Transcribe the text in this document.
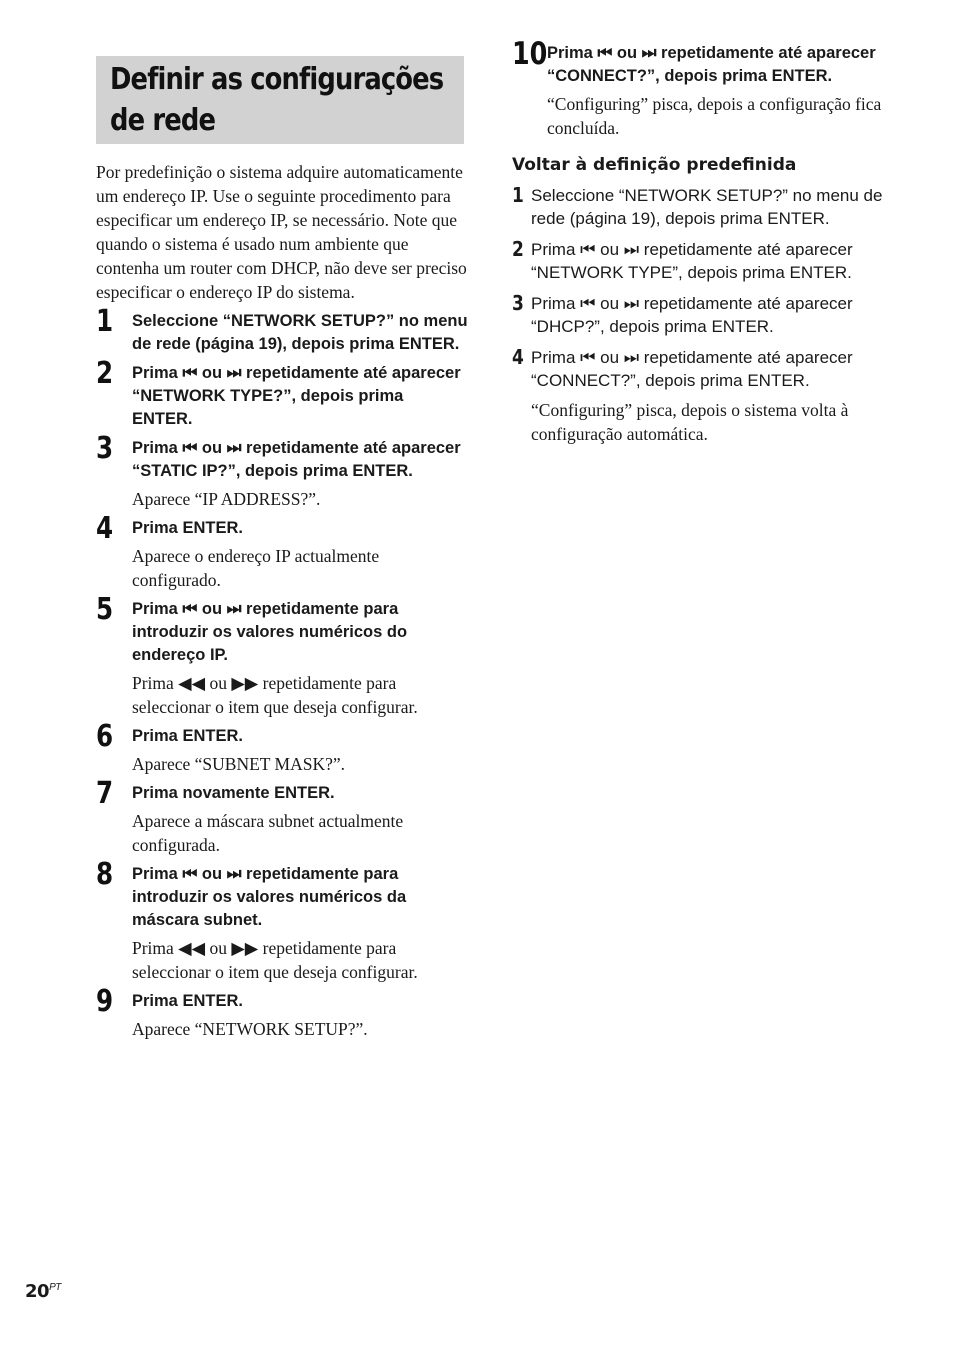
Definir as configurações
de rede

Por predefinição o sistema adquire automaticamente um endereço IP. Use o seguinte procedimento para especificar um endereço IP, se necessário. Note que quando o sistema é usado num ambiente que contenha um router com DHCP, não deve ser preciso especificar o endereço IP do sistema.

1 Seleccione “NETWORK SETUP?” no menu de rede (página 19), depois prima ENTER.

2 Prima ⏮ ou ⏭ repetidamente até aparecer “NETWORK TYPE?”, depois prima ENTER.

3 Prima ⏮ ou ⏭ repetidamente até aparecer “STATIC IP?”, depois prima ENTER.

Aparece “IP ADDRESS?”.

4 Prima ENTER.

Aparece o endereço IP actualmente configurado.

5 Prima ⏮ ou ⏭ repetidamente para introduzir os valores numéricos do endereço IP.

Prima ◀◀ ou ▶▶ repetidamente para seleccionar o item que deseja configurar.

6 Prima ENTER.

Aparece “SUBNET MASK?”.

7 Prima novamente ENTER.

Aparece a máscara subnet actualmente configurada.

8 Prima ⏮ ou ⏭ repetidamente para introduzir os valores numéricos da máscara subnet.

Prima ◀◀ ou ▶▶ repetidamente para seleccionar o item que deseja configurar.

9 Prima ENTER.

Aparece “NETWORK SETUP?”.

10 Prima ⏮ ou ⏭ repetidamente até aparecer “CONNECT?”, depois prima ENTER.

“Configuring” pisca, depois a configuração fica concluída.

Voltar à definição predefinida
1 Seleccione “NETWORK SETUP?” no menu de rede (página 19), depois prima ENTER.

2 Prima ⏮ ou ⏭ repetidamente até aparecer “NETWORK TYPE”, depois prima ENTER.

3 Prima ⏮ ou ⏭ repetidamente até aparecer “DHCP?”, depois prima ENTER.

4 Prima ⏮ ou ⏭ repetidamente até aparecer “CONNECT?”, depois prima ENTER.

“Configuring” pisca, depois o sistema volta à configuração automática.

$20^{PT}$
